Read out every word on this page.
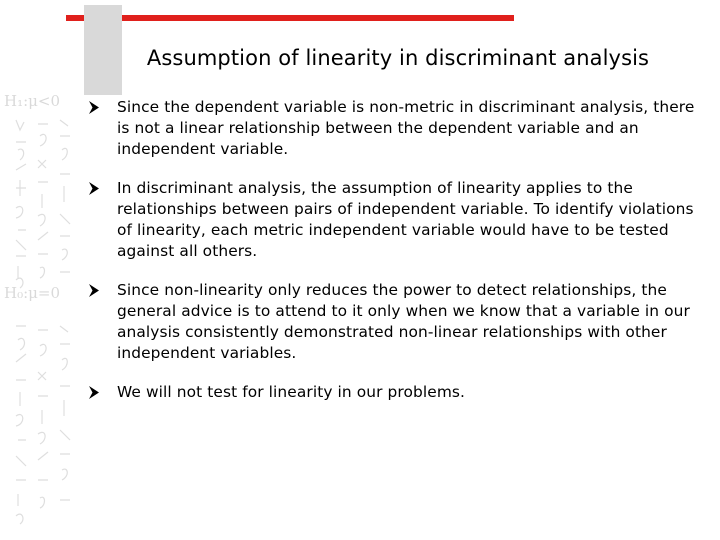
H₁:μ<0
H₀:μ=0
Assumption of linearity in discriminant analysis
Since the dependent variable is non-metric in discriminant analysis, there is not a linear relationship between the dependent variable and an independent variable.
In discriminant analysis, the assumption of linearity applies to the relationships between pairs of independent variable. To identify violations of linearity, each metric independent variable would have to be tested against all others.
Since non-linearity only reduces the power to detect relationships, the general advice is to attend to it only when we know that a variable in our analysis consistently demonstrated non-linear relationships with other independent variables.
We will not test for linearity in our problems.
